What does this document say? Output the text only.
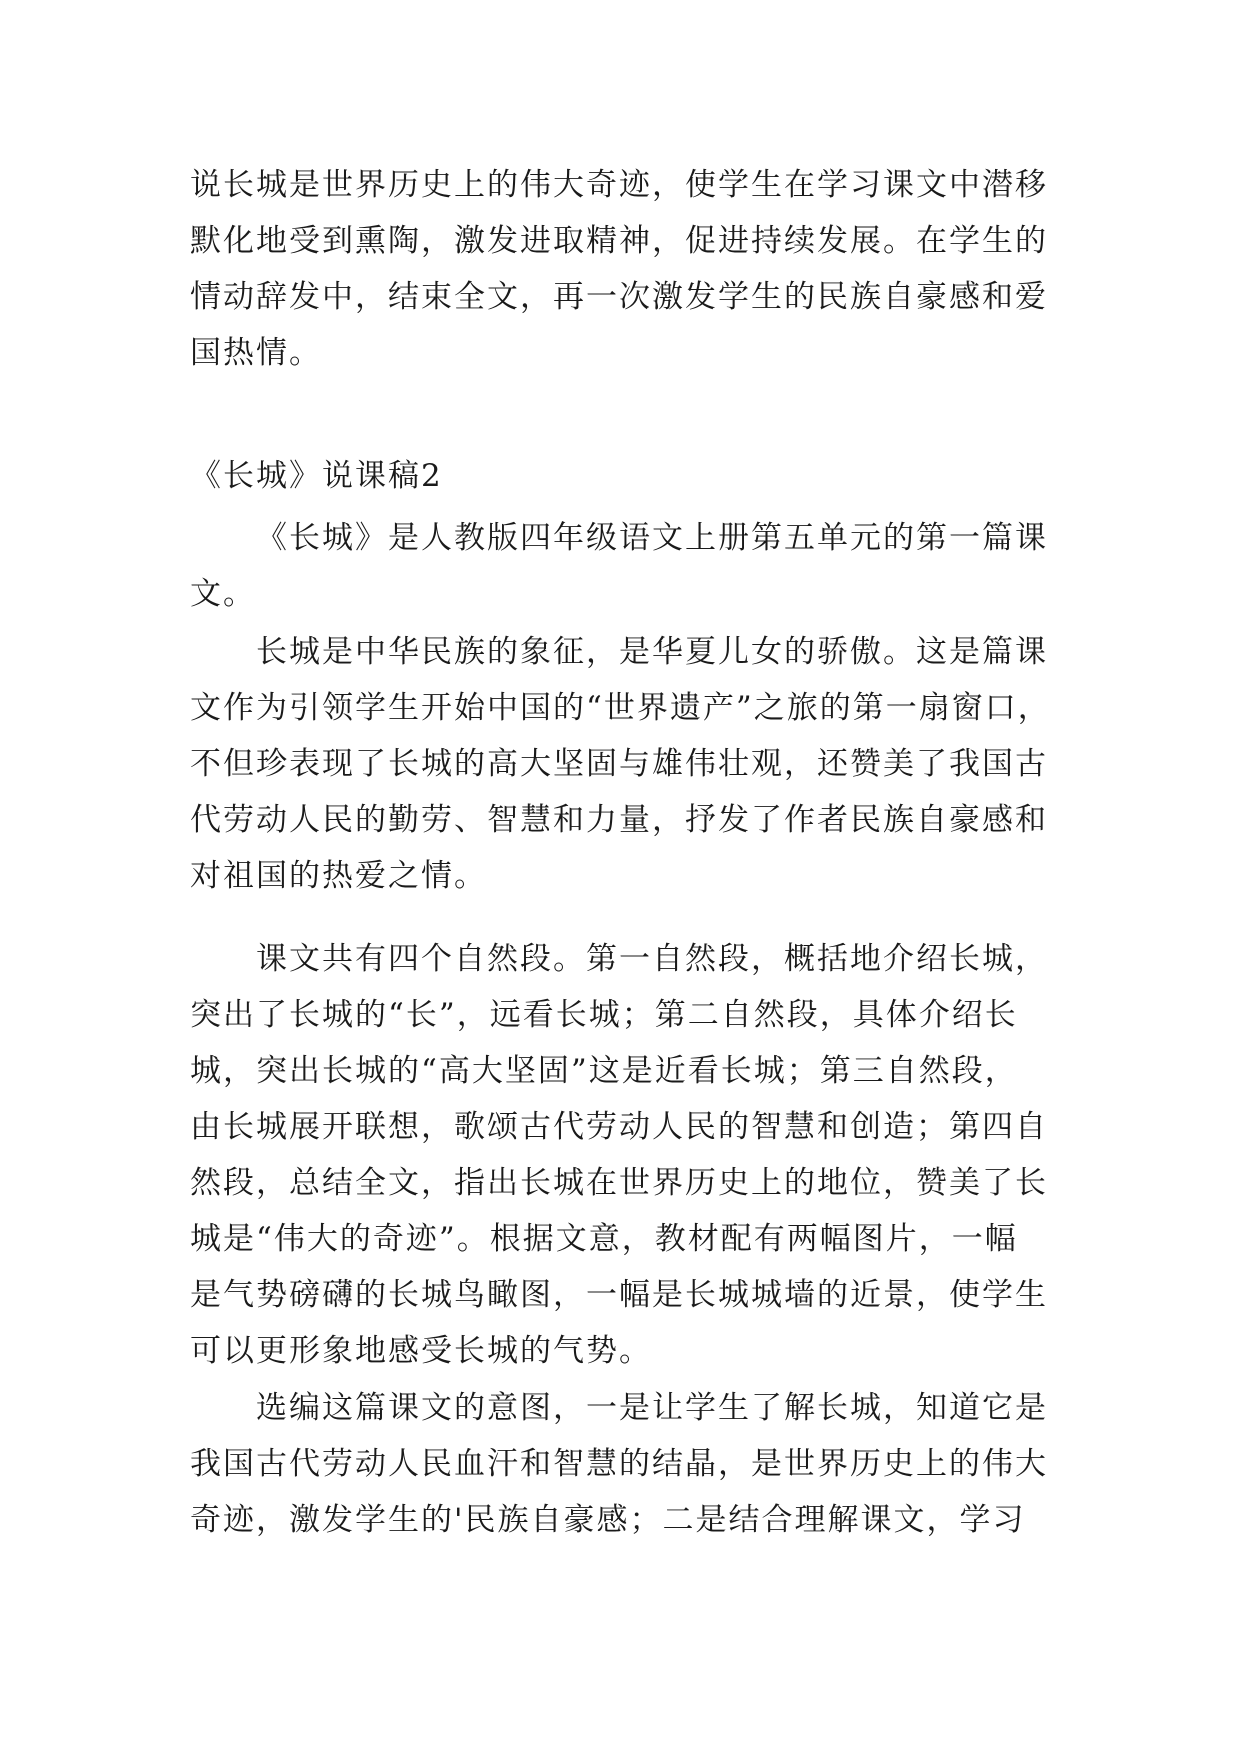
说长城是世界历史上的伟大奇迹，使学生在学习课文中潜移
默化地受到熏陶，激发进取精神，促进持续发展。在学生的
情动辞发中，结束全文，再一次激发学生的民族自豪感和爱
国热情。
《长城》说课稿2
《长城》是人教版四年级语文上册第五单元的第一篇课
文。
长城是中华民族的象征，是华夏儿女的骄傲。这是篇课
文作为引领学生开始中国的“世界遗产”之旅的第一扇窗口，
不但珍表现了长城的高大坚固与雄伟壮观，还赞美了我国古
代劳动人民的勤劳、智慧和力量，抒发了作者民族自豪感和
对祖国的热爱之情。
课文共有四个自然段。第一自然段，概括地介绍长城，
突出了长城的“长”，远看长城；第二自然段，具体介绍长
城，突出长城的“高大坚固”这是近看长城；第三自然段，
由长城展开联想，歌颂古代劳动人民的智慧和创造；第四自
然段，总结全文，指出长城在世界历史上的地位，赞美了长
城是“伟大的奇迹”。根据文意，教材配有两幅图片，一幅
是气势磅礴的长城鸟瞰图，一幅是长城城墙的近景，使学生
可以更形象地感受长城的气势。
选编这篇课文的意图，一是让学生了解长城，知道它是
我国古代劳动人民血汗和智慧的结晶，是世界历史上的伟大
奇迹，激发学生的'民族自豪感；二是结合理解课文，学习
